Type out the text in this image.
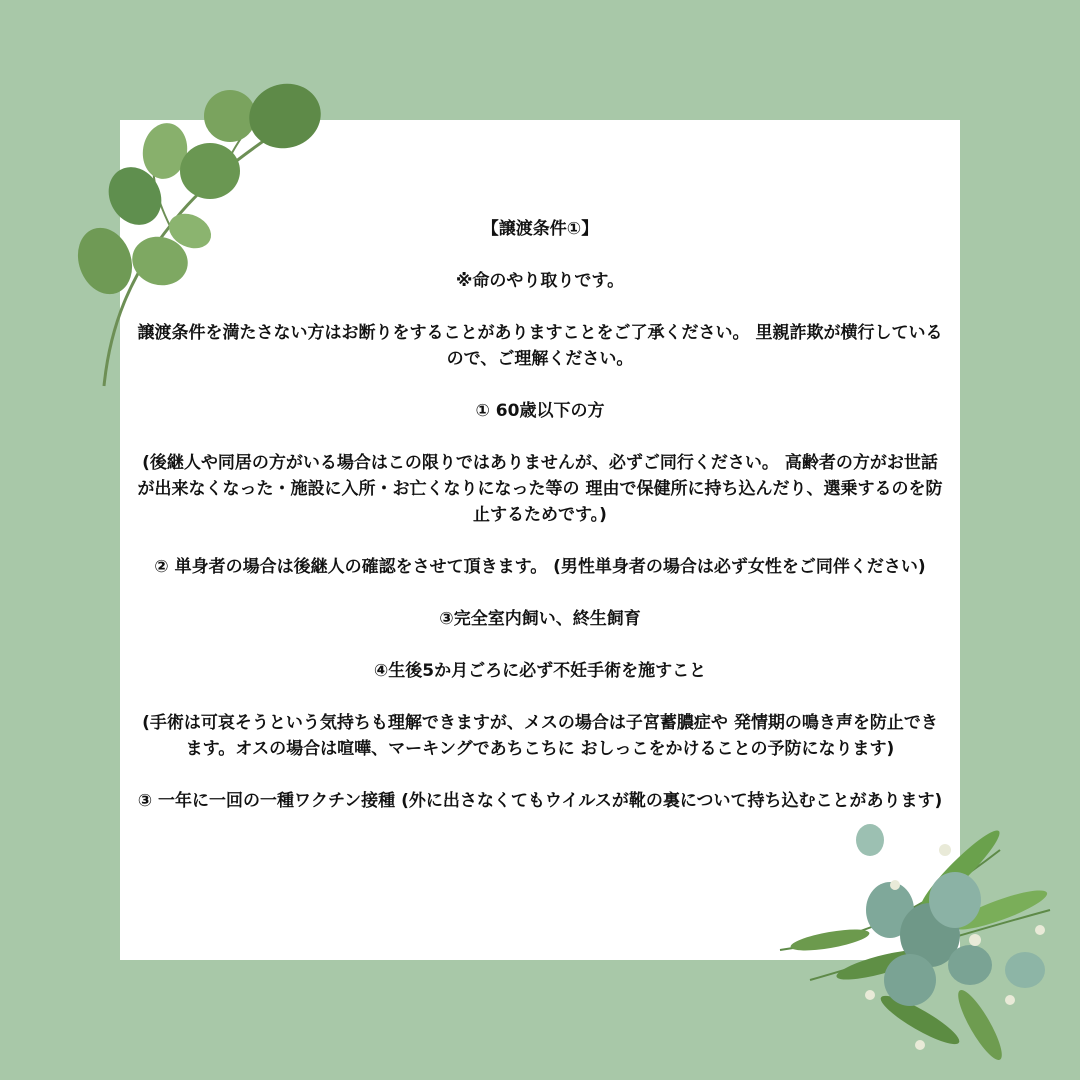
【譲渡条件①】

※命のやり取りです。

譲渡条件を満たさない方はお断りをすることがありますことをご了承ください。 里親詐欺が横行しているので、ご理解ください。

① 60歳以下の方

(後継人や同居の方がいる場合はこの限りではありませんが、必ずご同行ください。 高齢者の方がお世話が出来なくなった・施設に入所・お亡くなりになった等の 理由で保健所に持ち込んだり、選乗するのを防止するためです。)

② 単身者の場合は後継人の確認をさせて頂きます。 (男性単身者の場合は必ず女性をご同伴ください)

③完全室内飼い、終生飼育

④生後5か月ごろに必ず不妊手術を施すこと

(手術は可哀そうという気持ちも理解できますが、メスの場合は子宮蓄膿症や 発情期の鳴き声を防止できます。オスの場合は喧嘩、マーキングであちこちに おしっこをかけることの予防になります)

③ 一年に一回の一種ワクチン接種 (外に出さなくてもウイルスが靴の裏について持ち込むことがあります)
